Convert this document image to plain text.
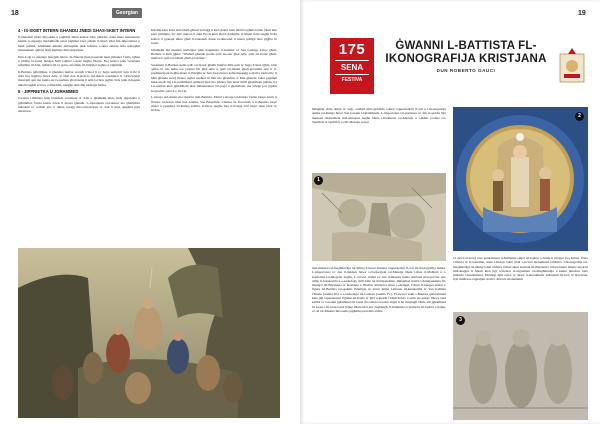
18	Georgian
4 - IS-SKIET INTERN GHANDU JNEDI GHAS-SKIET INTERN

Il-bniedem jibża' mis-skiet u jagħmel minn kollox biex jaħarbu. Anki meta mexxewnu hemm is-silenzju mudaħħollu jasal jagħmel biex jaħrab fl-ħsieb għal ħin importanza u hekk jeddha. Għalhekk inkunu nitbiegħdu jekk infittxu s-skiet esterni izda ndaqqħul internament qalbna tkun mimlija distrazzjonijiet.

Dan it-tip ta' silenzju jissejjaħ intern. In-Nisrani jkun jisserraħ meta jifhaker f'Alla, igħnu u jitolbu bi-kwiet ħengen ħalli jagħtel r-rieda tiegħu f'ħajtu. Fuq kollox jekk verament nifdaħbu lil Alla, naħabu fih ta' spiru, nitolbuh fil-ftitgijiet tagħna u nigimlah.

Il-Battista jgħallimna li għandna nimxu warajh b'mod li ta' ħajja sempliċi fejn il-fiż li dder fuq ħajjitna huwa Alla. U bħal dan il-profeta fid-deżert nandumar li l-Pawwjenji materjali qatt ma huma ser iwasslnna għall-hena li Alla jat biss jagħti. Izda jekk irrisegnu bhiom tagħdi sewwa u mħaddin, nistgħu nnitolbu tal-ħajja ħielsa.

5 - JIPPRIETKA U JGĦAMMED

Ġwanni l-Battista kien bniedem verament ta' Alla u għalhekk meta beda jippriekta u jgħammed f'ażna kienu dawk li marru għandu. L-esperjenza tad-deżert ma għamlitux bniedem ta' waħdu jew li mhux korajġ mis-sitwazzjoni ta' dak li kien qiegħed jiġri madwaru.

Kliemu kien kebs izda bħall-għasel selvaġġ li kien jiekol kien bħalli togħma bnina f'kull min kien jisimgħu. Ta' min jinnota li anki Erodi kien iħobb jisimgħu. Il-kliem tiebs tiegħu ħolla kollox li jqanqal minn għab il-bniedem dawk id-dinewiet li kienu jeżilġu biex jiġġbu lil Ġesù.

Għalhekk ma nkunux nizbaljaw jekk nappiktaw il-kelmiet ta' San Ġużepp Labre għall-Battista li kien jgħid: "Wieħed għandu jkollu qalb tan-nar għal Alla, qalb tal-bronż għall-innifsu u qalb tal-laħam għall-proxxmu."

Verament il-Battista kellu qalb tal-bronż għalih innifsu mill-sstil ta' ħajja li kien jgħix, iżda qalbu ta' nar kellu nar jaqbad fih għal Alla u qalb tal-laħam għall-proxxmu tant li il-predikazzjoni tiegħu nisiet il-Ważgħu ta' San Luqa huwa kellu messaġġ soċjali u karitattiv: il Min għandu żewġ libsiet jagħti wieħed lil min ma għandux; il Min għandu l-ikel jagħmel hekk ukoll; iii) Lil-pubblikani qallhom biex ma jaħdux flus aktar milli għandhom jieħdu, iv) Lis-suldati kien jgħidilhom biex jikkuntentaw bil-paga li għandhom, ma jahrġu jew jiġdbu fuq ħaddi. (Ara Lq 10-14).

L-istorja tad-deżert ma tispiċċa mal-Battista. Matul l-istorja tal-Knisja f'ażna kienu dawk li fittxew id-deżert bħal San Antnin, San Benedittu, Charles de Foucauld, u il-Battista baqa' jinżel u jqiegħed fil-Knisja kollha. Il-ħarsa tiegħu lejn il-Knisja trid tibqa' tkun bħal ta' Kristu.

19
175
SENA
FESTIVA
ĠWANNI L-BATTISTA FL-IKONOGRAFIJA KRISTJANA
DUN ROBERTO GAUCI

Mingħajr ebda dubju ta' xejn, wieħed mill-qaddisin l-aktar rappreżentati fl-arti u l-ikonografija antika tal-Knisja huwa San Ġwann l-Għammiedi. L-importanza tal-preżenza ta' dan il-qaddis hija marbuta direttament mal-missjoni tiegħu bħala l-Prekursur tal-Messija u l-aħħar profeta tat-Testment il-Qadim li ra lill-Messija wasal.

1

mal-misteru tal-magħmudija tal-Mulej li huwa misteru rappreżentat fl-arti tal-ikonografija antika. L-importanza ta' dan il-misteru huwa r-rivelazzjoni tal-Messija bħala l-Iben il-Maħbub u l-konferma tal-missjoni tiegħu. L-ewwel xbihat ta' dan il-misteru huma marbuta mal-qoċċiet tad-difni, il-katakombi u s-sarkofagi, mill-bidu tal-Kristjaneżmu. Imbagħad insibu l-Kristjaneżmu fil-mużajċi tal-Baptisteri ta' Ravenna u f'Ruma; minbarra dawn l-eżempji, f'dawn il-knejjes issibu l-figura tal-Battista tal-qedem. Eżempju ta' dawn huma l-affresk fil-katakombi ta' San Kallistu f'Ruma (saeklu III) u s-sarkofagu tal-Lateran (saeklu IV). Fl-ewwel sekli l-Battista ġeneralment kien jiġi rappreżentat b'ġlekk tal-ħaxix ta' ġild u kiesaħ f'idejh ħobża u salib tas-qasab. Huwa xeni kellha ta' Ġwanni jgħammed lil Ġesù fix-xmara Ġordan sinjal li hu maqtugħ bħala xiħ jgħammed lil Ġesù u fil-bidu Ġesù jidher bħala tifel jew żagħżugħ. Il-ħamiema, b'simbolu tal-Ispirtu s-Santu, u l-id tal-Missier mis-sema jagħmlu parti mix-xbiha.

2

ta' dawn iż-żewġ nies naturalment il-ħamiema sinjal tal-Ispirtu s-Santu li jittajjar fuq Kristu. Wara l-libertà ta' Kostantinu, meta l-Knisja bdiet tibni l-ewwel monumenti pubbliċi, l-ikonografija tal-magħmudija tal-Mulej bdiet tinfirex b'mod aktar komuni fil-Baptisteri. Dawn kienu binjiet separati mill-knejjes li fihom kien jiġi ċċelebrat is-sagrament tal-Magħmudija u kienu jintużaw biex jinħalfu l-katekumeni. Eżempji mill-aqwa ta' dawn il-monumenti nsibuhom fil-belt ta' Ravenna, fejn minbarra ragunijiet storiċi, dawn il-monumenti

3
